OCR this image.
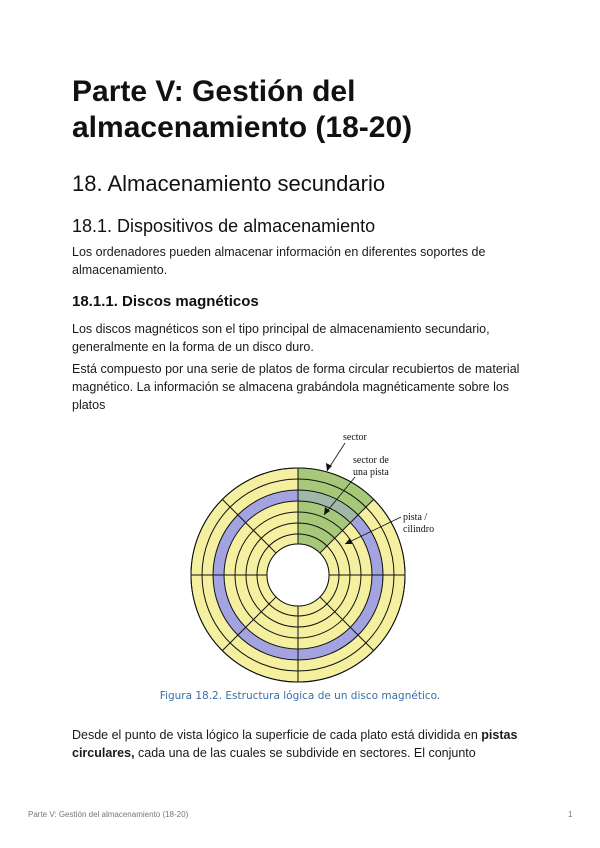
Parte V: Gestión del almacenamiento (18-20)
18. Almacenamiento secundario
18.1. Dispositivos de almacenamiento

Los ordenadores pueden almacenar información en diferentes soportes de almacenamiento.

18.1.1. Discos magnéticos

Los discos magnéticos son el tipo principal de almacenamiento secundario, generalmente en la forma de un disco duro.

Está compuesto por una serie de platos de forma circular recubiertos de material magnético. La información se almacena grabándola magnéticamente sobre los platos

sector
sector de
una pista
pista /
cilindro
Figura 18.2. Estructura lógica de un disco magnético.

Desde el punto de vista lógico la superficie de cada plato está dividida en pistas circulares, cada una de las cuales se subdivide en sectores. El conjunto

Parte V: Gestión del almacenamiento (18-20)	1
